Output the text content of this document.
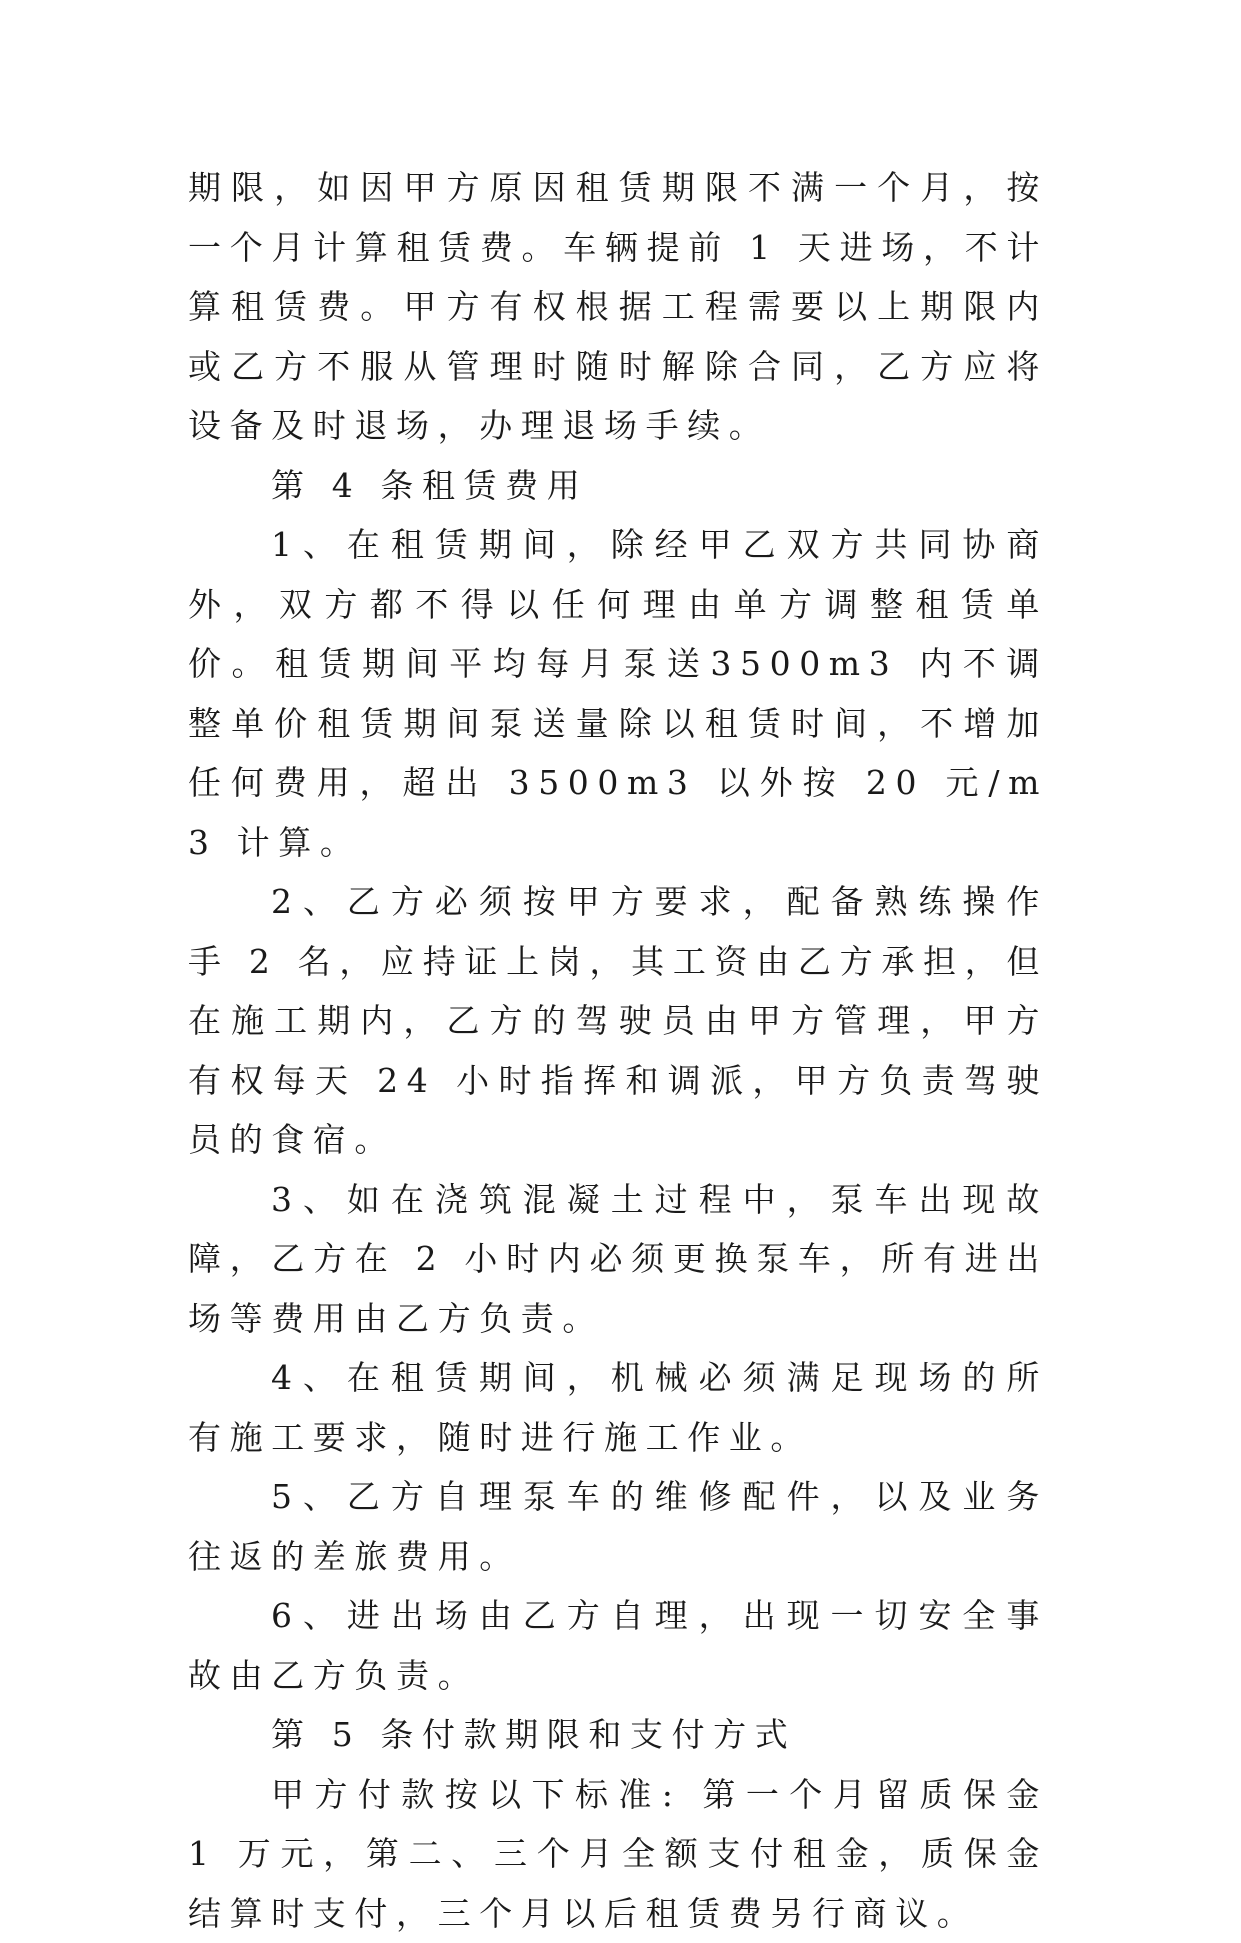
期限，如因甲方原因租赁期限不满一个月，按一个月计算租赁费。车辆提前 1 天进场，不计算租赁费。甲方有权根据工程需要以上期限内或乙方不服从管理时随时解除合同，乙方应将设备及时退场，办理退场手续。

第 4 条租赁费用

1、在租赁期间，除经甲乙双方共同协商外，双方都不得以任何理由单方调整租赁单价。租赁期间平均每月泵送3500m3 内不调整单价租赁期间泵送量除以租赁时间，不增加任何费用，超出 3500m3 以外按 20 元/m3 计算。

2、乙方必须按甲方要求，配备熟练操作手 2 名，应持证上岗，其工资由乙方承担，但在施工期内，乙方的驾驶员由甲方管理，甲方有权每天 24 小时指挥和调派，甲方负责驾驶员的食宿。

3、如在浇筑混凝土过程中，泵车出现故障，乙方在 2 小时内必须更换泵车，所有进出场等费用由乙方负责。

4、在租赁期间，机械必须满足现场的所有施工要求，随时进行施工作业。

5、乙方自理泵车的维修配件，以及业务往返的差旅费用。

6、进出场由乙方自理，出现一切安全事故由乙方负责。

第 5 条付款期限和支付方式

甲方付款按以下标准: 第一个月留质保金 1 万元，第二、三个月全额支付租金，质保金结算时支付，三个月以后租赁费另行商议。
